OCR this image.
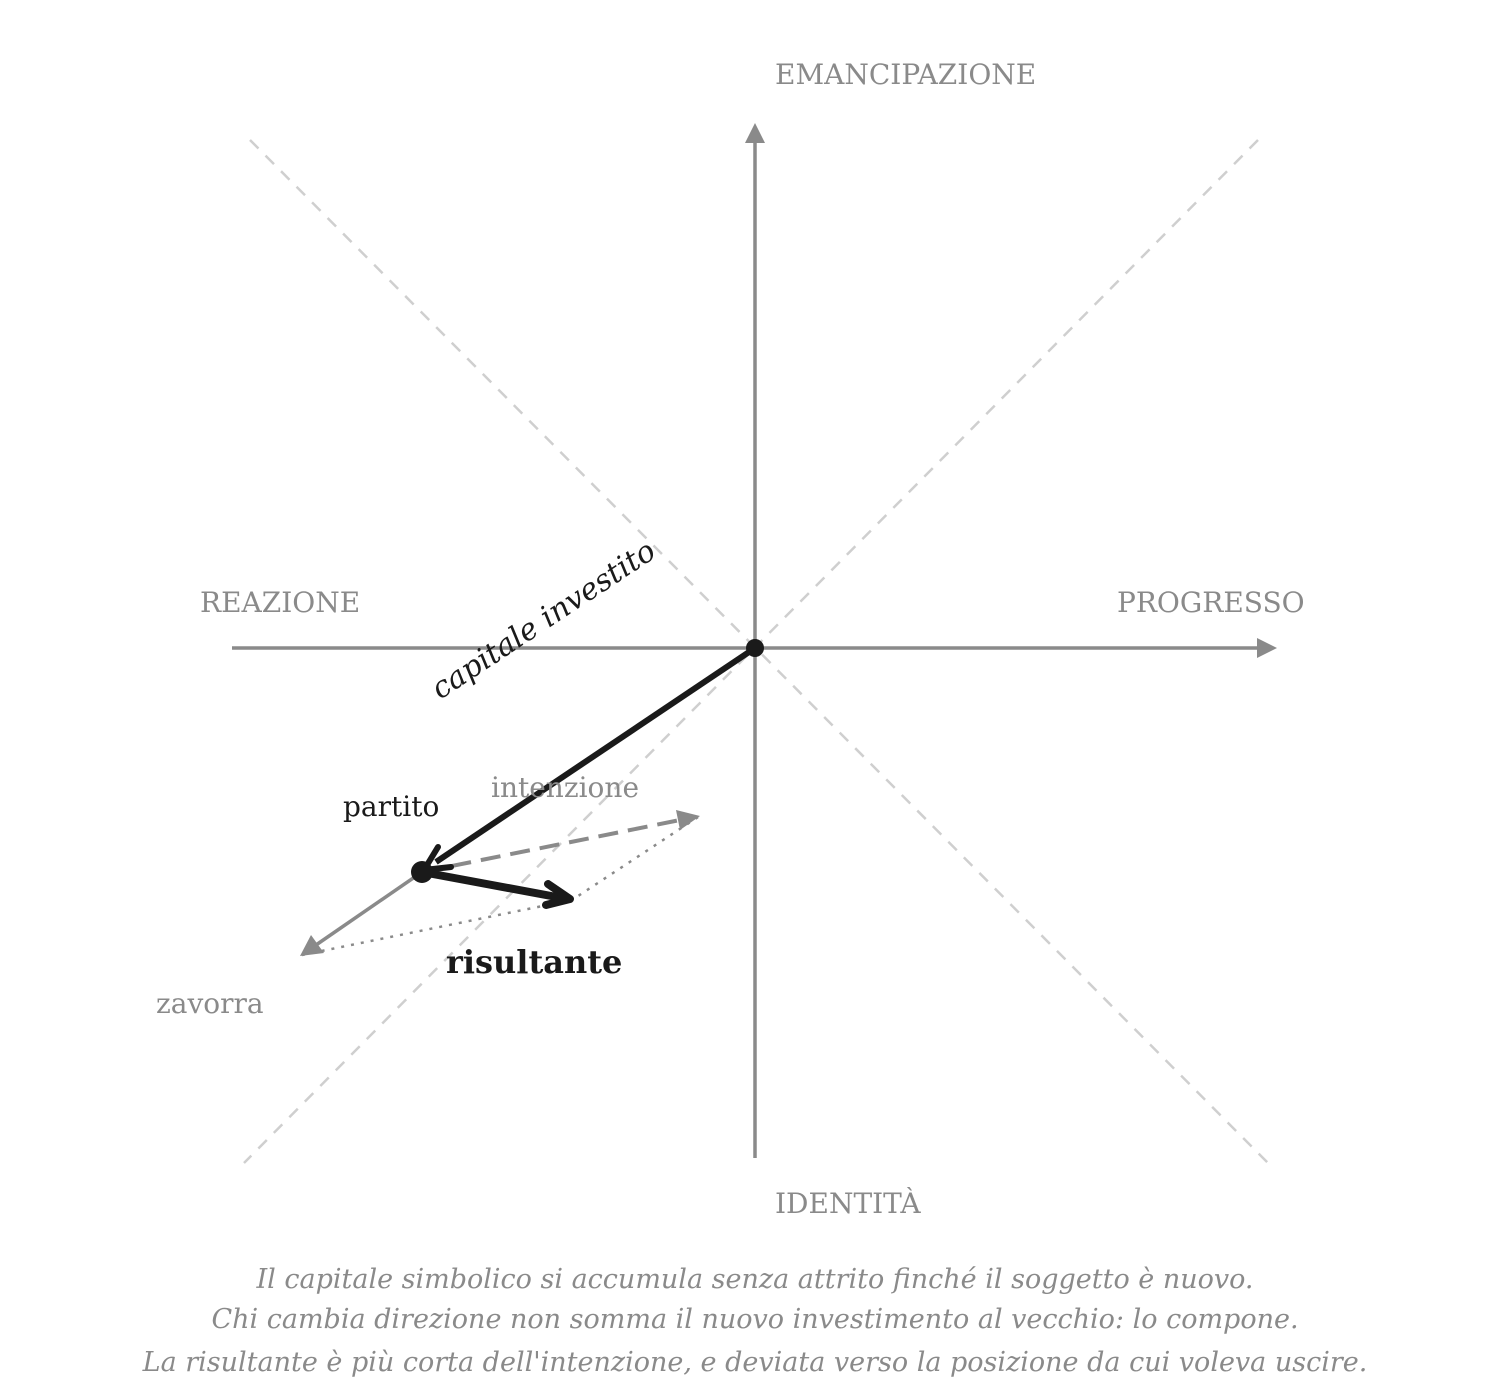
EMANCIPAZIONE
IDENTITÀ
REAZIONE	PROGRESSO
capitale investito
intenzione
partito
risultante
zavorra
Il capitale simbolico si accumula senza attrito finché il soggetto è nuovo.
Chi cambia direzione non somma il nuovo investimento al vecchio: lo compone.
La risultante è più corta dell'intenzione, e deviata verso la posizione da cui voleva uscire.
